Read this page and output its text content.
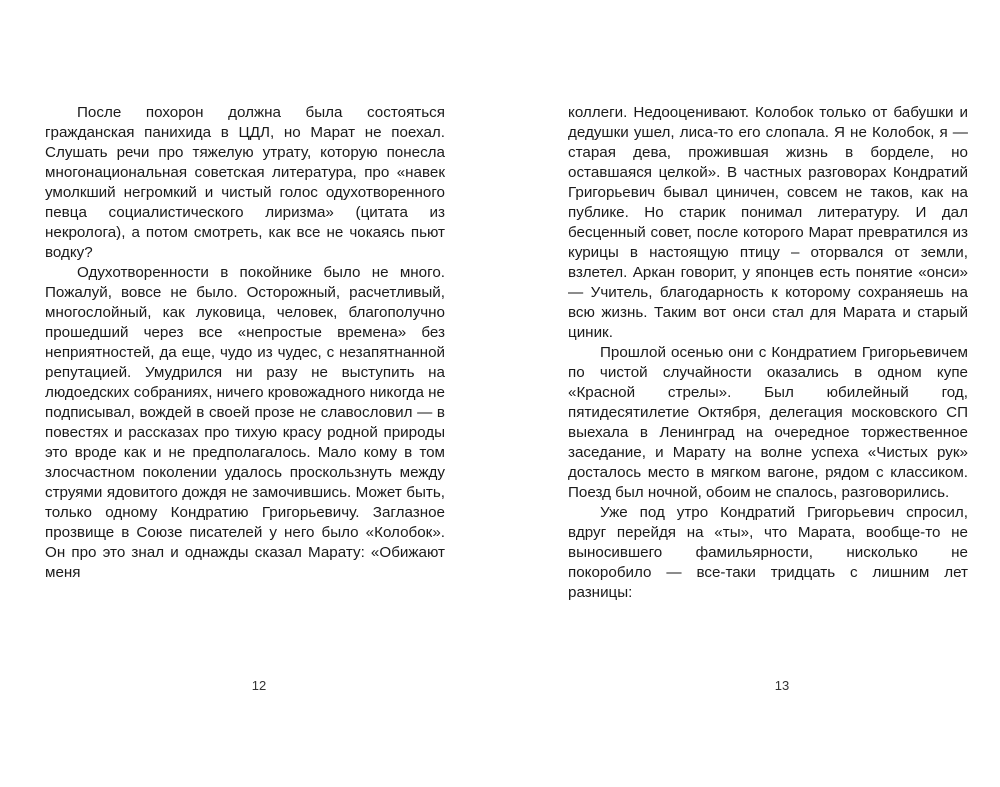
После похорон должна была состояться гражданская панихида в ЦДЛ, но Марат не поехал. Слушать речи про тяжелую утрату, которую понесла многонациональная советская литература, про «навек умолкший негромкий и чистый голос одухотворенного певца социалистического лиризма» (цитата из некролога), а потом смотреть, как все не чокаясь пьют водку?

Одухотворенности в покойнике было не много. Пожалуй, вовсе не было. Осторожный, расчетливый, многослойный, как луковица, человек, благополучно прошедший через все «непростые времена» без неприятностей, да еще, чудо из чудес, с незапятнанной репутацией. Умудрился ни разу не выступить на людоедских собраниях, ничего кровожадного никогда не подписывал, вождей в своей прозе не славословил — в повестях и рассказах про тихую красу родной природы это вроде как и не предполагалось. Мало кому в том злосчастном поколении удалось проскользнуть между струями ядовитого дождя не замочившись. Может быть, только одному Кондратию Григорьевичу. Заглазное прозвище в Союзе писателей у него было «Колобок». Он про это знал и однажды сказал Марату: «Обижают меня

12

коллеги. Недооценивают. Колобок только от бабушки и дедушки ушел, лиса-то его слопала. Я не Колобок, я — старая дева, прожившая жизнь в борделе, но оставшаяся целкой». В частных разговорах Кондратий Григорьевич бывал циничен, совсем не таков, как на публике. Но старик понимал литературу. И дал бесценный совет, после которого Марат превратился из курицы в настоящую птицу – оторвался от земли, взлетел. Аркан говорит, у японцев есть понятие «онси» — Учитель, благодарность к которому сохраняешь на всю жизнь. Таким вот онси стал для Марата и старый циник.

Прошлой осенью они с Кондратием Григорьевичем по чистой случайности оказались в одном купе «Красной стрелы». Был юбилейный год, пятидесятилетие Октября, делегация московского СП выехала в Ленинград на очередное торжественное заседание, и Марату на волне успеха «Чистых рук» досталось место в мягком вагоне, рядом с классиком. Поезд был ночной, обоим не спалось, разговорились.

Уже под утро Кондратий Григорьевич спросил, вдруг перейдя на «ты», что Марата, вообще-то не выносившего фамильярности, нисколько не покоробило — все-таки тридцать с лишним лет разницы:

13
